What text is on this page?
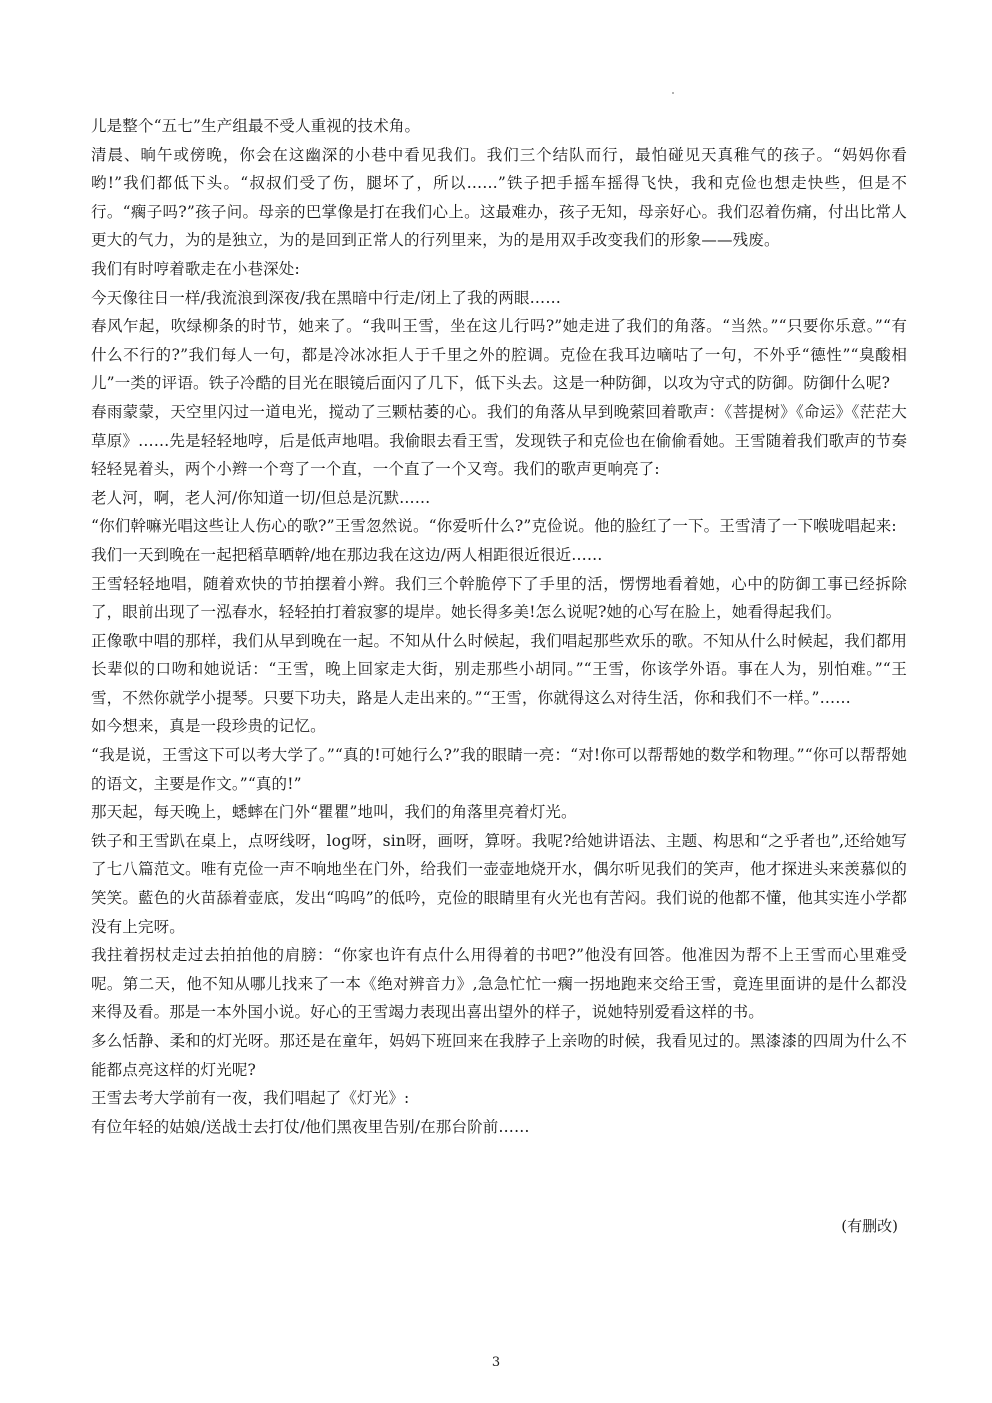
儿是整个“五七”生产组最不受人重视的技术角。

清晨、晌午或傍晚，你会在这幽深的小巷中看见我们。我们三个结队而行，最怕碰见天真稚气的孩子。“妈妈你看哟!”我们都低下头。“叔叔们受了伤，腿坏了，所以……”铁子把手摇车摇得飞快，我和克俭也想走快些，但是不行。“瘸子吗?”孩子问。母亲的巴掌像是打在我们心上。这最难办，孩子无知，母亲好心。我们忍着伤痛，付出比常人更大的气力，为的是独立，为的是回到正常人的行列里来，为的是用双手改变我们的形象——残废。

我们有时哼着歌走在小巷深处:

今天像往日一样/我流浪到深夜/我在黑暗中行走/闭上了我的两眼……

春风乍起，吹绿柳条的时节，她来了。“我叫王雪，坐在这儿行吗?”她走进了我们的角落。“当然。”“只要你乐意。”“有什么不行的?”我们每人一句，都是冷冰冰拒人于千里之外的腔调。克俭在我耳边嘀咕了一句，不外乎“德性”“臭酸相儿”一类的评语。铁子冷酷的目光在眼镜后面闪了几下，低下头去。这是一种防御，以攻为守式的防御。防御什么呢?

春雨蒙蒙，天空里闪过一道电光，搅动了三颗枯萎的心。我们的角落从早到晚萦回着歌声：《菩提树》《命运》《茫茫大草原》……先是轻轻地哼，后是低声地唱。我偷眼去看王雪，发现铁子和克俭也在偷偷看她。王雪随着我们歌声的节奏轻轻晃着头，两个小辫一个弯了一个直，一个直了一个又弯。我们的歌声更响亮了:

老人河，啊，老人河/你知道一切/但总是沉默……

“你们幹嘛光唱这些让人伤心的歌?”王雪忽然说。“你爱听什么?”克俭说。他的脸红了一下。王雪清了一下喉咙唱起来:

我们一天到晚在一起把稻草晒幹/地在那边我在这边/两人相距很近很近……

王雪轻轻地唱，随着欢快的节拍摆着小辫。我们三个幹脆停下了手里的活，愣愣地看着她，心中的防御工事已经拆除了，眼前出现了一泓春水，轻轻拍打着寂寥的堤岸。她长得多美!怎么说呢?她的心写在脸上，她看得起我们。

正像歌中唱的那样，我们从早到晚在一起。不知从什么时候起，我们唱起那些欢乐的歌。不知从什么时候起，我们都用长辈似的口吻和她说话：“王雪，晚上回家走大街，别走那些小胡同。”“王雪，你该学外语。事在人为，别怕难。”“王雪，不然你就学小提琴。只要下功夫，路是人走出来的。”“王雪，你就得这么对待生活，你和我们不一样。”……

如今想来，真是一段珍贵的记忆。

“我是说，王雪这下可以考大学了。”“真的!可她行么?”我的眼睛一亮：“对!你可以帮帮她的数学和物理。”“你可以帮帮她的语文，主要是作文。”“真的!”

那天起，每天晚上，蟋蟀在门外“瞿瞿”地叫，我们的角落里亮着灯光。

铁子和王雪趴在桌上，点呀线呀，log呀，sin呀，画呀，算呀。我呢?给她讲语法、主题、构思和“之乎者也”,还给她写了七八篇范文。唯有克俭一声不响地坐在门外，给我们一壶壶地烧开水，偶尔听见我们的笑声，他才探进头来羡慕似的笑笑。藍色的火苗舔着壶底，发出“呜呜”的低吟，克俭的眼睛里有火光也有苦闷。我们说的他都不懂，他其实连小学都没有上完呀。

我拄着拐杖走过去拍拍他的肩膀：“你家也许有点什么用得着的书吧?”他没有回答。他准因为帮不上王雪而心里难受呢。第二天，他不知从哪儿找来了一本《绝对辨音力》,急急忙忙一瘸一拐地跑来交给王雪，竟连里面讲的是什么都没来得及看。那是一本外国小说。好心的王雪竭力表现出喜出望外的样子，说她特别爱看这样的书。

多么恬静、柔和的灯光呀。那还是在童年，妈妈下班回来在我脖子上亲吻的时候，我看见过的。黑漆漆的四周为什么不能都点亮这样的灯光呢?

王雪去考大学前有一夜，我们唱起了《灯光》:

有位年轻的姑娘/送战士去打仗/他们黑夜里告别/在那台阶前……

(有删改)
3
